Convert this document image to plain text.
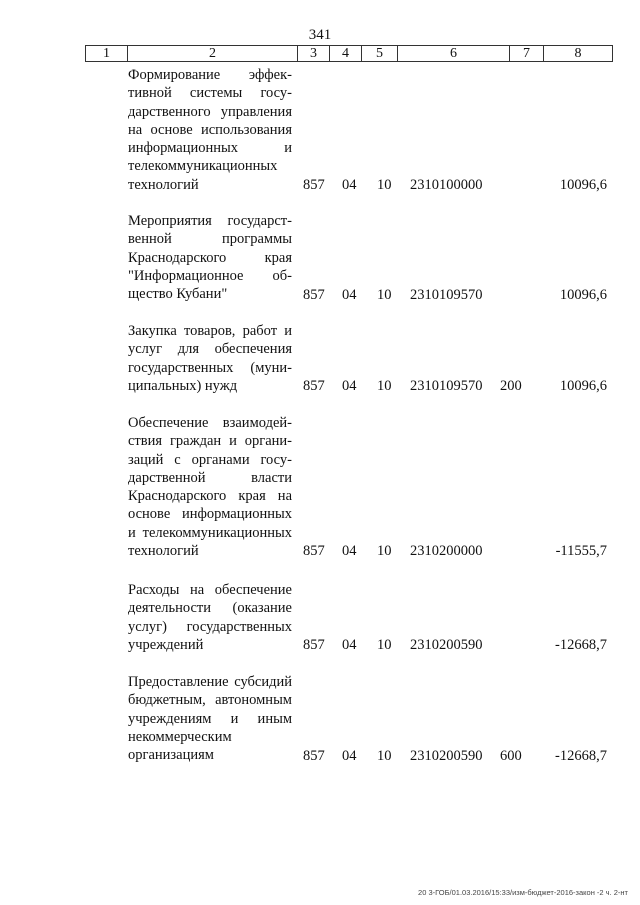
341
1	2	3	4	5	6	7	8
Формирование эффективной системы государственного управления на основе использования информационных и телекоммуникационных технологий	857 04 10 2310100000	10096,6
Мероприятия государственной программы Краснодарского края "Информационное общество Кубани"	857 04 10 2310109570	10096,6
Закупка товаров, работ и услуг для обеспечения государственных (муниципальных) нужд	857 04 10 2310109570 200	10096,6
Обеспечение взаимодействия граждан и организаций с органами государственной власти Краснодарского края на основе информационных и телекоммуникационных технологий	857 04 10 2310200000	-11555,7
Расходы на обеспечение деятельности (оказание услуг) государственных учреждений	857 04 10 2310200590	-12668,7
Предоставление субсидий бюджетным, автономным учреждениям и иным некоммерческим организациям	857 04 10 2310200590 600 -12668,7
20 3-ГОБ/01.03.2016/15:33/изм-бюджет-2016-закон -2 ч. 2-нт
